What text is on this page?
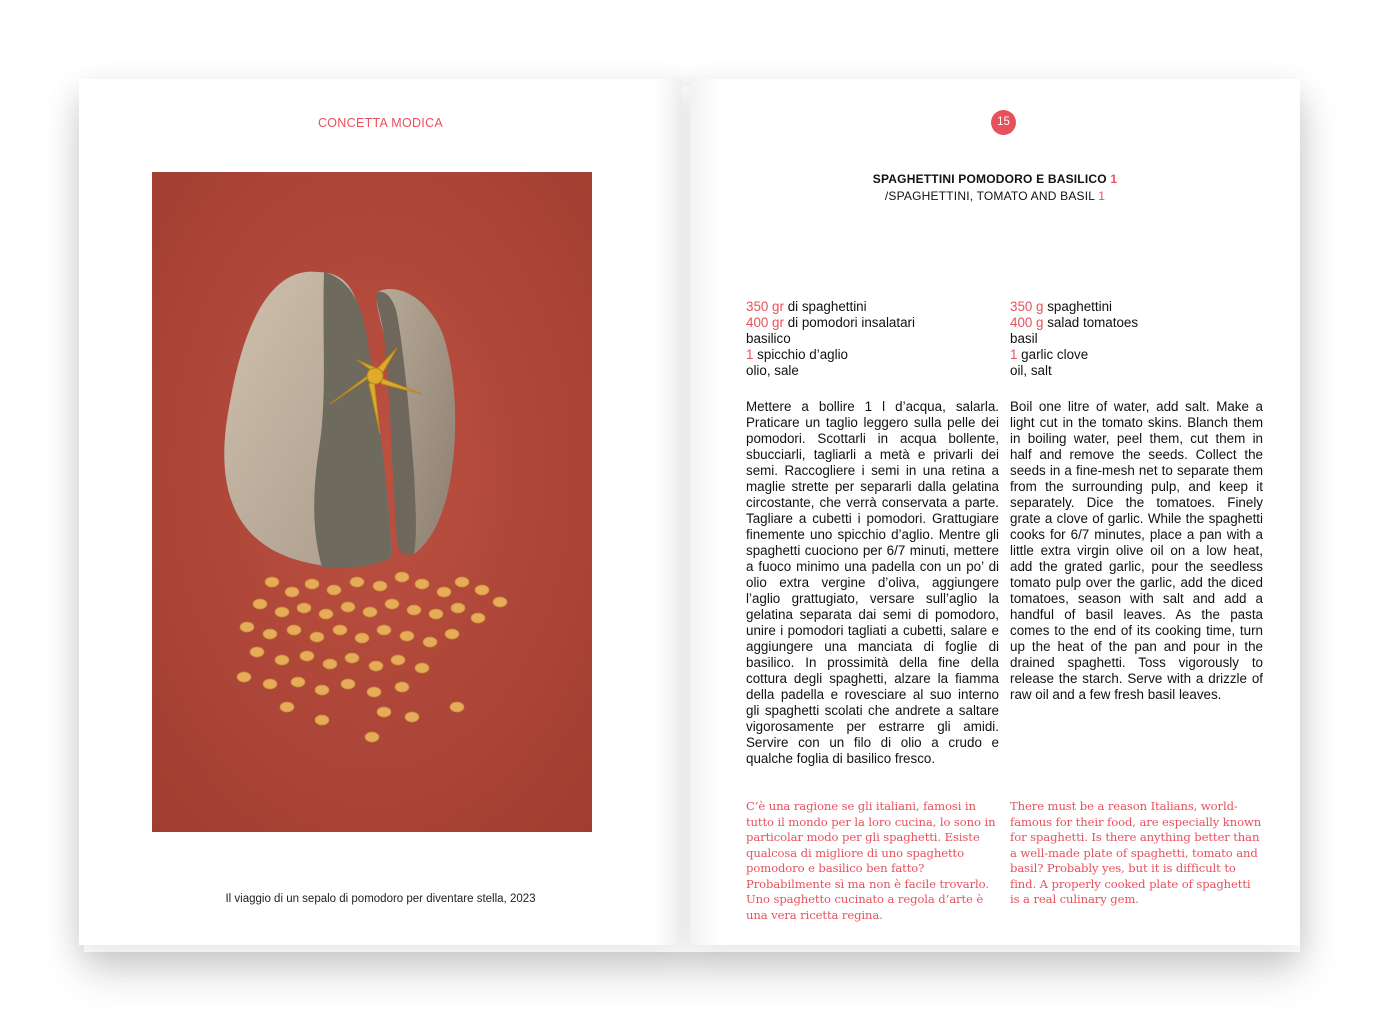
CONCETTA MODICA
Il viaggio di un sepalo di pomodoro per diventare stella, 2023
15
SPAGHETTINI POMODORO E BASILICO 1
/SPAGHETTINI, TOMATO AND BASIL 1
350 gr di spaghettini
400 gr di pomodori insalatari
basilico
1 spicchio d’aglio
olio, sale
Mettere a bollire 1 l d’acqua, salarla. Praticare un taglio leggero sulla pelle dei pomodori. Scottarli in acqua bollente, sbucciarli, tagliarli a metà e privarli dei semi. Raccogliere i semi in una retina a maglie strette per separarli dalla gelatina circostante, che verrà conservata a parte. Tagliare a cubetti i pomodori. Grattugiare finemente uno spicchio d’aglio. Mentre gli spaghetti cuociono per 6/7 minuti, mettere a fuoco minimo una padella con un po’ di olio extra vergine d’oliva, aggiungere l’aglio grattugiato, versare sull’aglio la gelatina separata dai semi di pomodoro, unire i pomodori tagliati a cubetti, salare e aggiungere una manciata di foglie di basilico. In prossimità della fine della cottura degli spaghetti, alzare la fiamma della padella e rovesciare al suo interno gli spaghetti scolati che andrete a saltare vigorosamente per estrarre gli amidi. Servire con un filo di olio a crudo e qualche foglia di basilico fresco.
350 g spaghettini
400 g salad tomatoes
basil
1 garlic clove
oil, salt
Boil one litre of water, add salt. Make a light cut in the tomato skins. Blanch them in boiling water, peel them, cut them in half and remove the seeds. Collect the seeds in a fine-mesh net to separate them from the surrounding pulp, and keep it separately. Dice the tomatoes. Finely grate a clove of garlic. While the spaghetti cooks for 6/7 minutes, place a pan with a little extra virgin olive oil on a low heat, add the grated garlic, pour the seedless tomato pulp over the garlic, add the diced tomatoes, season with salt and add a handful of basil leaves. As the pasta comes to the end of its cooking time, turn up the heat of the pan and pour in the drained spaghetti. Toss vigorously to release the starch. Serve with a drizzle of raw oil and a few fresh basil leaves.
C’è una ragione se gli italiani, famosi in tutto il mondo per la loro cucina, lo sono in particolar modo per gli spaghetti. Esiste qualcosa di migliore di uno spaghetto pomodoro e basilico ben fatto? Probabilmente sì ma non è facile trovarlo. Uno spaghetto cucinato a regola d’arte è una vera ricetta regina.
There must be a reason Italians, world-famous for their food, are especially known for spaghetti. Is there anything better than a well-made plate of spaghetti, tomato and basil? Probably yes, but it is difficult to find. A properly cooked plate of spaghetti is a real culinary gem.
